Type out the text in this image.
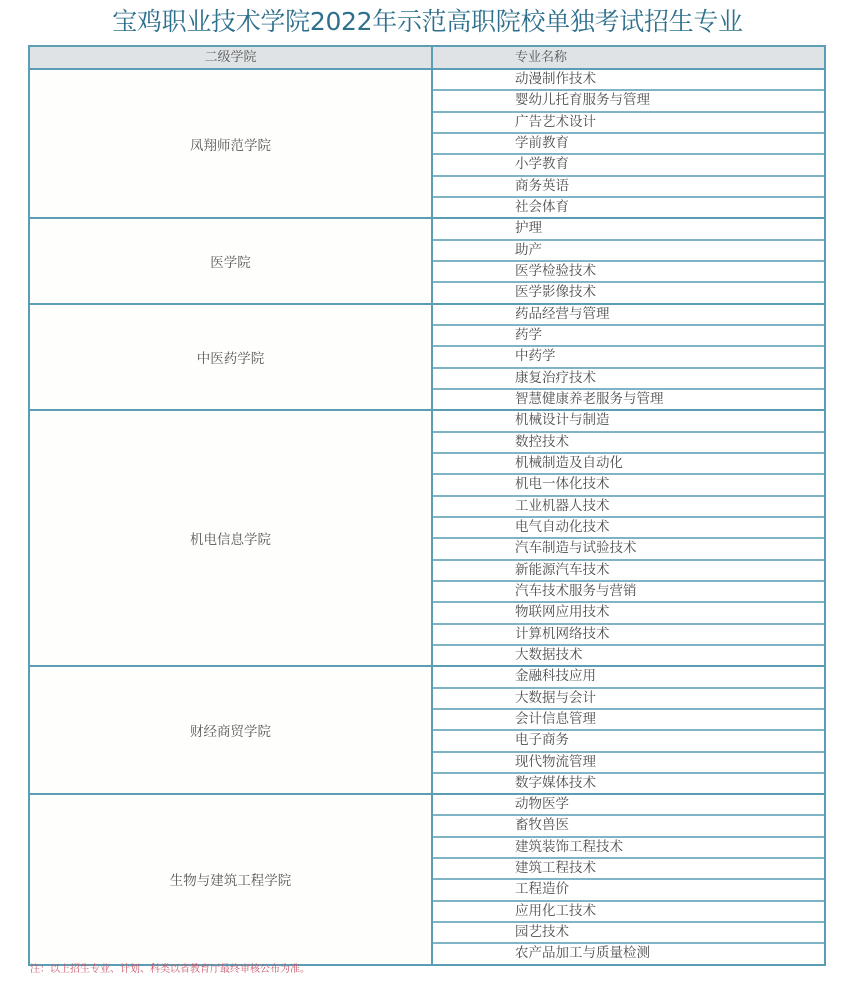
宝鸡职业技术学院2022年示范高职院校单独考试招生专业
二级学院	专业名称
凤翔师范学院
动漫制作技术
婴幼儿托育服务与管理
广告艺术设计
学前教育
小学教育
商务英语
社会体育
医学院
护理
助产
医学检验技术
医学影像技术
中医药学院
药品经营与管理
药学
中药学
康复治疗技术
智慧健康养老服务与管理
机电信息学院
机械设计与制造
数控技术
机械制造及自动化
机电一体化技术
工业机器人技术
电气自动化技术
汽车制造与试验技术
新能源汽车技术
汽车技术服务与营销
物联网应用技术
计算机网络技术
大数据技术
财经商贸学院
金融科技应用
大数据与会计
会计信息管理
电子商务
现代物流管理
数字媒体技术
生物与建筑工程学院
动物医学
畜牧兽医
建筑装饰工程技术
建筑工程技术
工程造价
应用化工技术
园艺技术
农产品加工与质量检测
注：以上招生专业、计划、科类以省教育厅最终审核公布为准。
